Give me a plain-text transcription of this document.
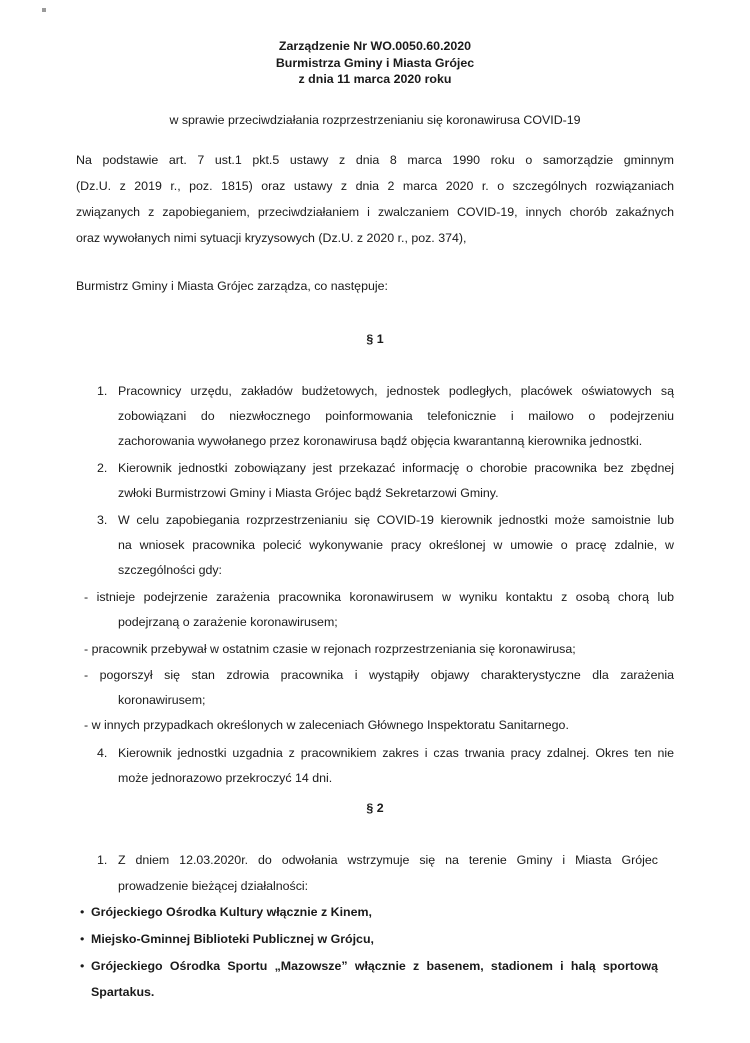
Zarządzenie Nr WO.0050.60.2020
Burmistrza Gminy i Miasta Grójec
z dnia 11 marca 2020 roku
w sprawie przeciwdziałania rozprzestrzenianiu się koronawirusa COVID-19
Na podstawie art. 7 ust.1 pkt.5 ustawy z dnia 8 marca 1990 roku o samorządzie gminnym
(Dz.U. z 2019 r., poz. 1815) oraz ustawy z dnia 2 marca 2020 r. o szczególnych rozwiązaniach
związanych z zapobieganiem, przeciwdziałaniem i zwalczaniem COVID-19, innych chorób zakaźnych
oraz wywołanych nimi sytuacji kryzysowych (Dz.U. z 2020 r., poz. 374),
Burmistrz Gminy i Miasta Grójec zarządza, co następuje:
§ 1
1. Pracownicy urzędu, zakładów budżetowych, jednostek podległych, placówek oświatowych są
zobowiązani do niezwłocznego poinformowania telefonicznie i mailowo o podejrzeniu
zachorowania wywołanego przez koronawirusa bądź objęcia kwarantanną kierownika jednostki.
2. Kierownik jednostki zobowiązany jest przekazać informację o chorobie pracownika bez zbędnej
zwłoki Burmistrzowi Gminy i Miasta Grójec bądź Sekretarzowi Gminy.
3. W celu zapobiegania rozprzestrzenianiu się COVID-19 kierownik jednostki może samoistnie lub
na wniosek pracownika polecić wykonywanie pracy określonej w umowie o pracę zdalnie, w
szczególności gdy:
- istnieje podejrzenie zarażenia pracownika koronawirusem w wyniku kontaktu z osobą chorą lub
podejrzaną o zarażenie koronawirusem;
- pracownik przebywał w ostatnim czasie w rejonach rozprzestrzeniania się koronawirusa;
- pogorszył się stan zdrowia pracownika i wystąpiły objawy charakterystyczne dla zarażenia
koronawirusem;
- w innych przypadkach określonych w zaleceniach Głównego Inspektoratu Sanitarnego.
4. Kierownik jednostki uzgadnia z pracownikiem zakres i czas trwania pracy zdalnej. Okres ten nie
może jednorazowo przekroczyć 14 dni.
§ 2
1. Z dniem 12.03.2020r. do odwołania wstrzymuje się na terenie Gminy i Miasta Grójec
prowadzenie bieżącej działalności:
• Grójeckiego Ośrodka Kultury włącznie z Kinem,
• Miejsko-Gminnej Biblioteki Publicznej w Grójcu,
• Grójeckiego Ośrodka Sportu „Mazowsze” włącznie z basenem, stadionem i halą sportową
Spartakus.
